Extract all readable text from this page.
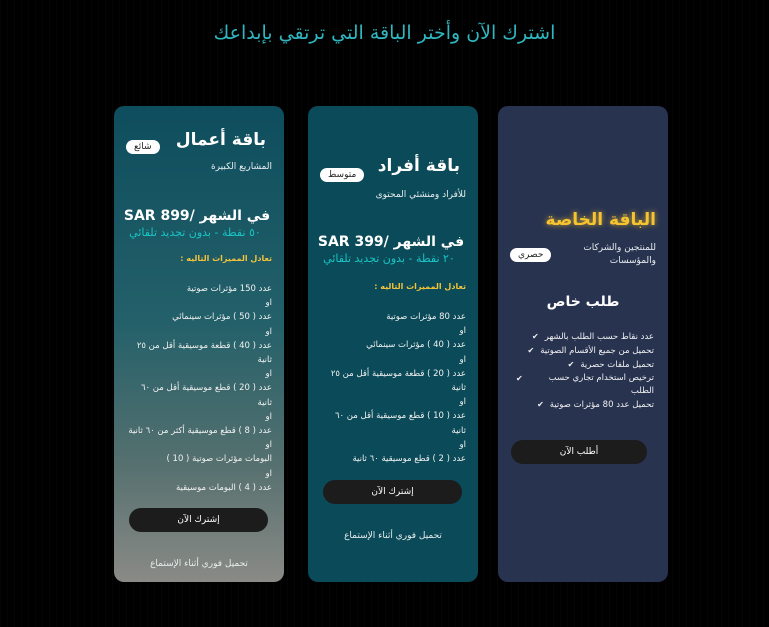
اشترك الآن وأختر الباقة التي ترتقي بإبداعك
الباقة الخاصة
حصري
للمنتجين والشركات والمؤسسات
طلب خاص
عدد نقاط حسب الطلب بالشهر✔
تحميل من جميع الأقسام الصوتية✔
تحميل ملفات حصرية✔
ترخيص استخدام تجاري حسب الطلب
✔
تحميل عدد 80 مؤثرات صوتية✔
أطلب الآن
باقة أفراد
متوسط
للأفراد ومنشئي المحتوى
في الشهر /SAR 399
٢٠ نقطة - بدون تجديد تلقائي
تعادل المميزات التاليه :
عدد 80 مؤثرات صوتية
او
عدد ( 40 ) مؤثرات سينمائي
او
عدد ( 20 ) قطعة موسيقية أقل من ٢٥
ثانية
او
عدد ( 10 ) قطع موسيقية أقل من ٦٠
ثانية
او
عدد ( 2 ) قطع موسيقية ٦٠ ثانية
إشترك الآن
تحميل فوري أثناء الإستماع
باقة أعمال
شائع
المشاريع الكبيرة
في الشهر /SAR 899
٥٠ نقطة - بدون تجديد تلقائي
تعادل المميزات التاليه :
عدد 150 مؤثرات صوتية
او
عدد ( 50 ) مؤثرات سينمائي
او
عدد ( 40 ) قطعة موسيقية أقل من ٢٥
ثانية
او
عدد ( 20 ) قطع موسيقية أقل من ٦٠
ثانية
او
عدد ( 8 ) قطع موسيقية أكثر من ٦٠ ثانية
او
البومات مؤثرات صوتية ( 10 )
او
عدد ( 4 ) البومات موسيقية
إشترك الآن
تحميل فوري أثناء الإستماع
